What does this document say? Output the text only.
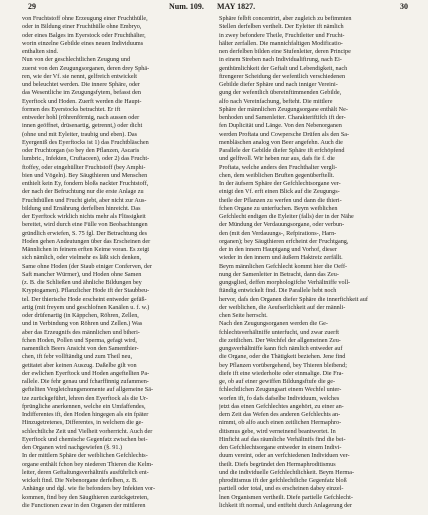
29	Num. 109. MAY 1827.	30

von Fruchtstoff ohne Erzeugung einer Fruchthülle,

oder in Bildung einer Fruchthülle ohne Embryo,

oder eines Balges im Eyerstock oder Fruchthälter,

worin einzelne Gebilde eines neuen Individuums

enthalten sind.

Nun von der geschlechtlichen Zeugung und

zuerst von den Zeugungsorganen, deren drey Sphä-

ren, wie der Vf. sie nennt, gelfreich entwickelt

und beleuchtet werden. Die innere Sphäre, oder

das Wesentliche im Zeugungsfytem, befasst den

Eyerftock und Hoden. Zuerft werden die Haupt-

formen des Eyerstocks betrachtet. Er ift

entweder hohl (röhrenförmig, nach aussen oder

innen geöffnet, drüsenartig, getrennt,) oder dicht

(ohne und mit Eyleiter, traubig und eben). Das

Eyergeniß des Eyerftocks ist 1) das Fruchtbläschen

oder Fruchtorgan (so bey den Pflanzen, Ascaris

lumbric., Infekten, Cruftaceen), oder 2) das Frucht-

ftoffey, oder eingehüllter Fruchtstoff (bey Amphi-

bien und Vögeln). Bey Säugthieren und Menschen

enthielt kein Ey, fondern bloßs nackter Fruchtstoff,

der nach der Befruchtung nur die erste Anlage zu

Fruchthüllen und Frucht giebt, aber nicht zur Aus-

bildung und Ernährung derfelben hinreicht. Das

der Eyerftock wirklich nichts mehr als Flüssigkeit

bereitet, wird durch eine Fülle von Beobachtungen

gründlich erwiefen, S. 75 fgl. Der Betrachtung des

Hoden gehen Andeutungen über das Erscheinen der

Männlichen in feinem erften Keime voran. Es zeigt

sich nämlich, oder vielmehr es läßt sich denken,

Same ohne Hoden (der Staub einiger Conferven, der

Saft mancher Würmer), und Hoden ohne Samen

(z. B. die Schließen und ähnliche Bildungen bey

Kryptogamen). Pflanzlicher Hode ift der Staubbeu-

tel. Der thierische Hode erscheint entweder gefäß-

artig (mit freyem und geschlofnen Kanälen u. f. w.)

oder drüfenartig (in Käppchen, Röhren, Zellen,

und in Verbindung von Röhren und Zellen.) Was

aber das Erzeugnifs des männlichen und biheri-

fchen Hoden, Pollen und Sperma, gefagt wird,

namentlich Beers Ansicht von den Samenthier-

chen, ift febr vollftändig und zum Theil neu,

getitatet aber keinen Auszug. Daßelbe gilt von

der ewlichen Eyerftock und Hoden angeftellten Pa-

rallele. Die fehr genau und fcharffinnig zufammen-

gefteliten Vergleichungsmomente auf allgemeine Sä-

tze zurückgeführt, lehren den Eyerftock als die Ur-

fprüngliche anerkennen, welche ein Umfaffendes,

Indifferentes ift, den Hoden hingegen als ein fpäter

Hinzugetretenes, Differentes, in welchem die ge-

schlechtliche Zeit und Vielheit vorherricht. Auch der

Eyerftock und chemische Gegenfatz zwischen bei-

den Organen wird nachgewiefen (§. 91.)

In der mittlern Sphäre der weiblichen Gefchlechts-

organe enthält fchon bey niederen Thieren die Kelm-

leiter, deren Geftaltungsverhältnifs ausführlich ent-

wickelt find. Die Nebenorgane derfelben, z. B.

Anhänge und dgl. wie fie befonders bey Infekten vor-

kommen, find bey den Säugthieren zurückgetreten,

die Functionen zwar in den Organen der mittleren

Sphäre felbft concentrirt, aber zugleich zu befimmten

Stellen derfelben verthelt. Der Eyleiter ift nämlich

in zwey befondere Theile, Fruchtleiter und Frucht-

hälter zerfallen. Die mannichfaltigen Modificatio-

nen derfelben bilden eine Stufenleiter, deren Principe

in einem Streben nach Individualifirung, nach Ei-

genthümlichkeit der Geftalt und Lebendigkeit, nach

ftrengerer Scheidung der wefentlich verschiedenen

Gebilde diefer Sphäre und nach inniger Vereini-

gung der wefentlich übereinftimmenden Gebilde,

alfo nach Vereinfachung, befteht. Die mittlere

Sphäre der männlichen Zeugungsorgane enthält Ne-

benhoden und Samenleiter. Charakteriftifch ift der-

fen Duplicität und Länge. Von den Nebenorganen

werden Proftata und Cowpersche Drüfen als den Sa-

menbläschen analog von Beer angefehn. Auch die

Parallele der Gebilde diefer Sphäre ift erfchöpfend

und gelftvoll. Wir heben nur aus, dafs fie f. die

Proftata, welche anders den Fruchthalter vergli-

chen, dem weiblichen Bruften gegenüberftellt.

In der äufsern Sphäre der Gefchlechtsorgane ver-

einigt den Vf. erft einen Blick auf die Zeugungs-

theile der Pflanzen zu werfen und dann die thieri-

fchen Organe zu unterfuchen. Beym weiblichen

Gefchlecht endigen die Eyleiter (falls) der in der Nähe

der Mündung der Verdauungsorgane, oder verbun-

den (mit den Verdauungs-, Refpirations-, Harn-

organen); bey Säugthieren erfcheint der Fruchtgang,

der in den innern Hauptgang und Vorhof, dieser

wieder in den innern und äußern Haktreiz zerfällt.

Beym männlichen Gefchlecht kommt hier die Oeff-

nung der Samenleiter in Betracht, dann das Zeu-

gungsglied, deffen morphologifche Verhältniffe voll-

ftändig entwickelt find. Die Parallele hebt noch

hervor, dafs den Organen diefer Sphäre die innerfichkeit auf

der weiblichen, die Aeufserlichkeit auf der männli-

chen Seite herrscht.

Nach den Zeugungsorganen werden die Ge-

fchlechtsverhältniffe unterfucht, und zwar zuerft

die zeitlichen. Der Wechfel der allgemeinen Zeu-

gungsverhältniffe kann fich nämlich entweder auf

die Organe, oder die Thätigkeit beziehen. Jene find

bey Pflanzen vorübergehend, bey Thieren bleibend;

diefe ift eine wiederholte oder einmalige. Die Fra-

ge, ob auf einer gewiffen Bildungsftufe die ge-

fchlechtlichen Zeugungsart einem Wechfel unter-

worfen ift, fo dafs dafselbe Individuum, welches

jetzt das einen Gefchlechtes angehört, zu einer an-

dern Zeit das Wefen des anderen Gefchlechts an-

nimmt, ob alfo auch einen zeitlichen Hermaphro-

ditismus gebe, wird verneinend beantwortet. In

Hinficht auf das räumliche Verhältnifs find die bei-

den Gefchlechtsorgane entweder in einem Indivi-

duum vereint, oder an verfchiedenen Individuen ver-

theilt. Diefs begründet den Hermaphroditismus

und die individuelle Gefchlechtlichkeit. Beym Herma-

phroditismus ift der gefchlechtliche Gegenfatz bloß

partiell oder total, und es erscheinen dabey einzel-

lnen Organismen vertheilt. Diefe partielle Gefchlecht-

lichkeit ift normal, und entfteht durch Anlagerung der
